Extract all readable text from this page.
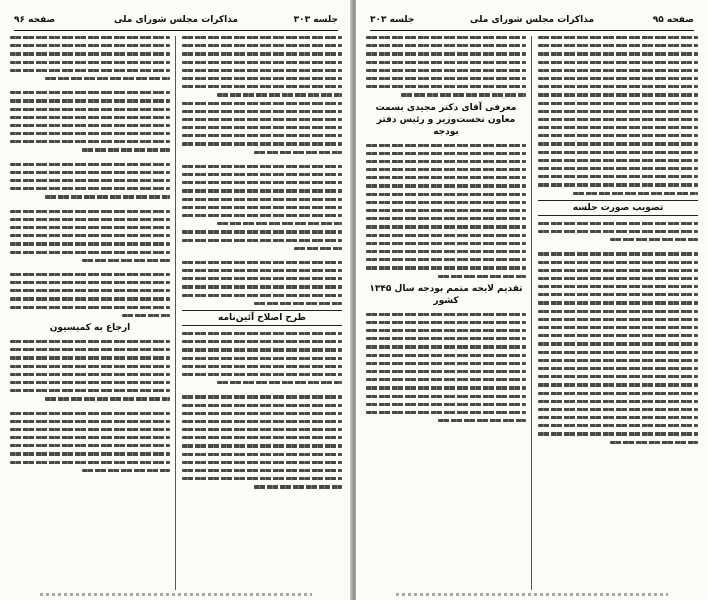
جلسه ۳۰۳
مذاکرات مجلس شورای ملی
صفحه ۹۶
طرح اصلاح آئین‌نامه
ارجاع به کمیسیون
صفحه ۹۵
مذاکرات مجلس شورای ملی
جلسه ۳۰۳
تصویب صورت جلسه
معرفی آقای دکتر مجیدی بسمت معاون نخست‌وزیر و رئیس دفتر بودجه
تقدیم لایحه متمم بودجه سال ۱۳۴۵ کشور
